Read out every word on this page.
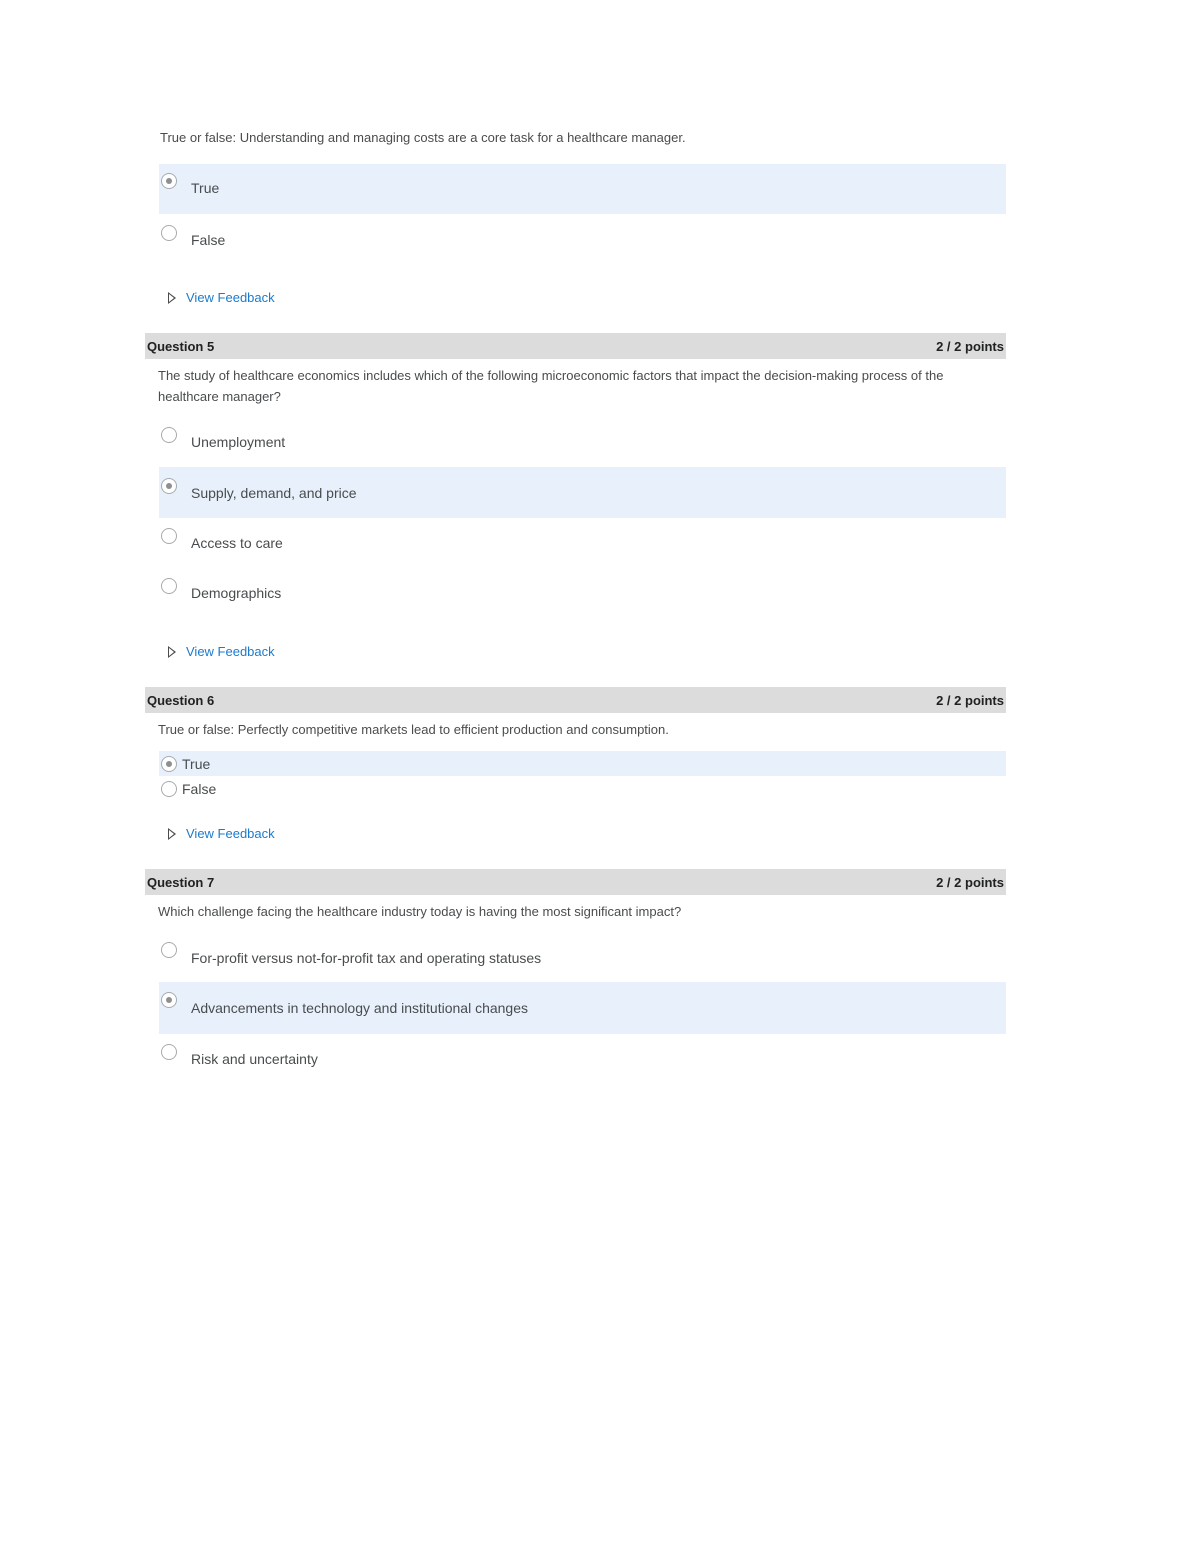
True or false: Understanding and managing costs are a core task for a healthcare manager.
True
False
View Feedback
Question 5	2 / 2 points
The study of healthcare economics includes which of the following microeconomic factors that impact the decision-making process of the healthcare manager?
Unemployment
Supply, demand, and price
Access to care
Demographics
View Feedback
Question 6	2 / 2 points
True or false: Perfectly competitive markets lead to efficient production and consumption.
True
False
View Feedback
Question 7	2 / 2 points
Which challenge facing the healthcare industry today is having the most significant impact?
For-profit versus not-for-profit tax and operating statuses
Advancements in technology and institutional changes
Risk and uncertainty
